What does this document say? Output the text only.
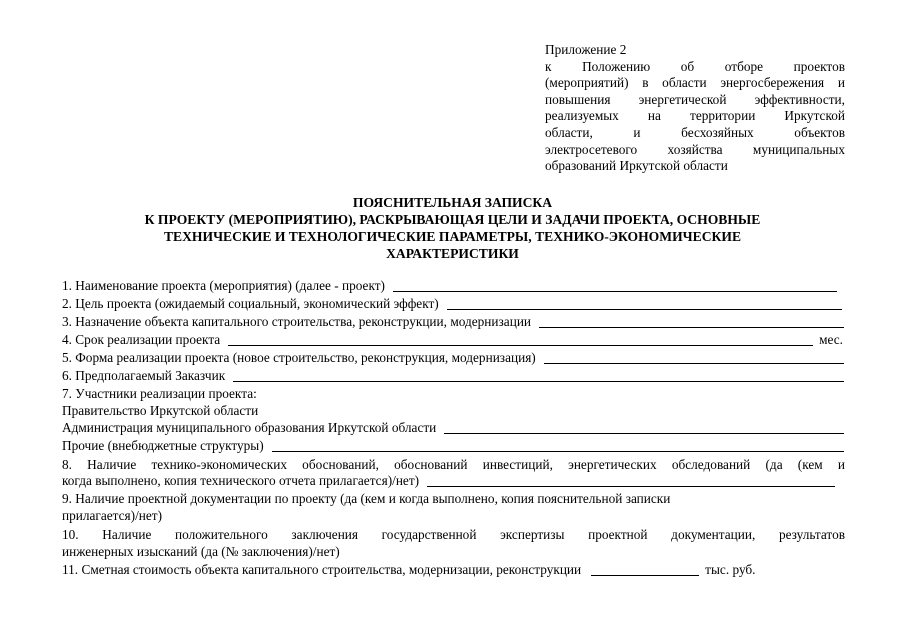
Приложение 2
к Положению об отборе проектов
(мероприятий) в области энергосбережения и
повышения энергетической эффективности,
реализуемых на территории Иркутской
области, и бесхозяйных объектов
электросетевого хозяйства муниципальных
образований Иркутской области
ПОЯСНИТЕЛЬНАЯ ЗАПИСКА
К ПРОЕКТУ (МЕРОПРИЯТИЮ), РАСКРЫВАЮЩАЯ ЦЕЛИ И ЗАДАЧИ ПРОЕКТА, ОСНОВНЫЕ
ТЕХНИЧЕСКИЕ И ТЕХНОЛОГИЧЕСКИЕ ПАРАМЕТРЫ, ТЕХНИКО-ЭКОНОМИЧЕСКИЕ
ХАРАКТЕРИСТИКИ
1. Наименование проекта (мероприятия) (далее - проект)
2. Цель проекта (ожидаемый социальный, экономический эффект)
3. Назначение объекта капитального строительства, реконструкции, модернизации
4. Срок реализации проекта	мес.
5. Форма реализации проекта (новое строительство, реконструкция, модернизация)
6. Предполагаемый Заказчик
7. Участники реализации проекта:
Правительство Иркутской области
Администрация муниципального образования Иркутской области
Прочие (внебюджетные структуры)
8. Наличие технико-экономических обоснований, обоснований инвестиций, энергетических обследований (да (кем и
когда выполнено, копия технического отчета прилагается)/нет)
9. Наличие проектной документации по проекту (да (кем и когда выполнено, копия пояснительной записки
прилагается)/нет)
10. Наличие положительного заключения государственной экспертизы проектной документации, результатов
инженерных изысканий (да (№ заключения)/нет)
11. Сметная стоимость объекта капитального строительства, модернизации, реконструкции	тыс. руб.
